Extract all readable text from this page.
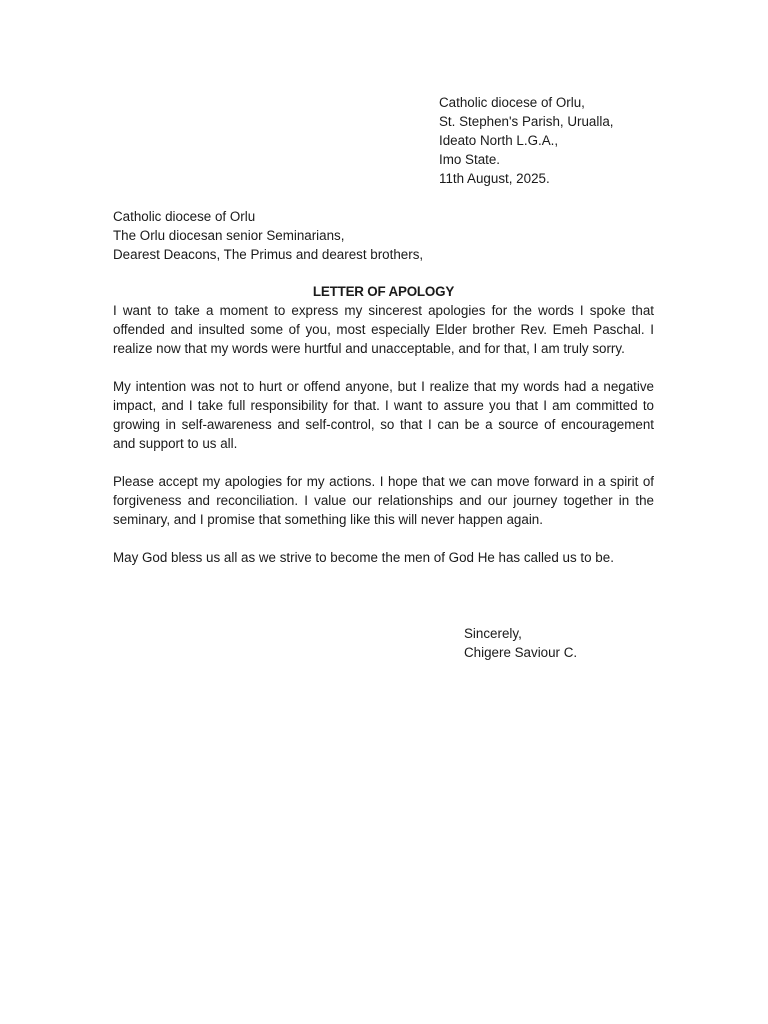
Catholic diocese of Orlu,
St. Stephen's Parish, Urualla,
Ideato North L.G.A.,
Imo State.
11th August, 2025.
Catholic diocese of Orlu
The Orlu diocesan senior Seminarians,
Dearest Deacons, The Primus and dearest brothers,
LETTER OF APOLOGY

I want to take a moment to express my sincerest apologies for the words I spoke that offended and insulted some of you, most especially Elder brother Rev. Emeh Paschal. I realize now that my words were hurtful and unacceptable, and for that, I am truly sorry.

My intention was not to hurt or offend anyone, but I realize that my words had a negative impact, and I take full responsibility for that. I want to assure you that I am committed to growing in self-awareness and self-control, so that I can be a source of encouragement and support to us all.

Please accept my apologies for my actions. I hope that we can move forward in a spirit of forgiveness and reconciliation. I value our relationships and our journey together in the seminary, and I promise that something like this will never happen again.

May God bless us all as we strive to become the men of God He has called us to be.

Sincerely,
Chigere Saviour C.
